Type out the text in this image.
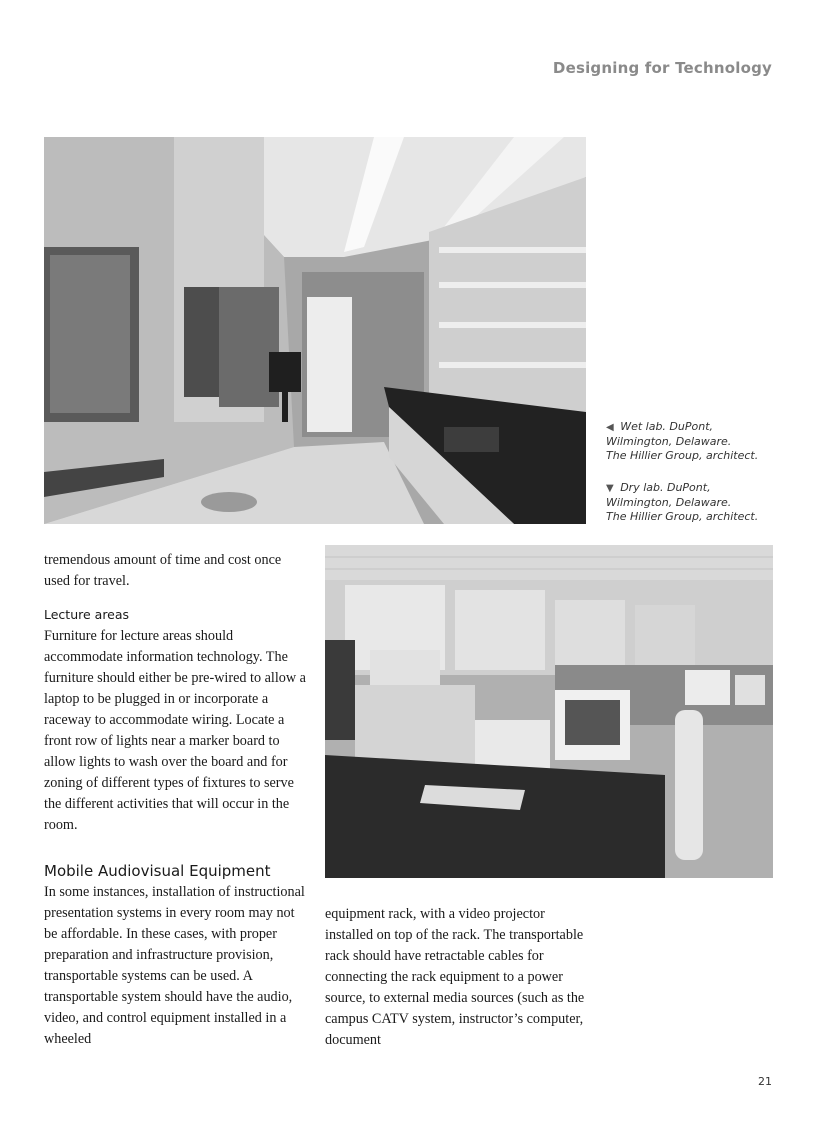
Designing for Technology

◀ Wet lab. DuPont,
Wilmington, Delaware.
The Hillier Group, architect.

▼ Dry lab. DuPont,
Wilmington, Delaware.
The Hillier Group, architect.

tremendous amount of time and cost once used for travel.

Lecture areas

Furniture for lecture areas should accommodate information technology. The furniture should either be pre-wired to allow a laptop to be plugged in or incorporate a raceway to accommodate wiring. Locate a front row of lights near a marker board to allow lights to wash over the board and for zoning of different types of fixtures to serve the different activities that will occur in the room.

Mobile Audiovisual Equipment

In some instances, installation of instructional presentation systems in every room may not be affordable. In these cases, with proper preparation and infrastructure provision, transportable systems can be used. A transportable system should have the audio, video, and control equipment installed in a wheeled

equipment rack, with a video projector installed on top of the rack. The transportable rack should have retractable cables for connecting the rack equipment to a power source, to external media sources (such as the campus CATV system, instructor’s computer, document

21
